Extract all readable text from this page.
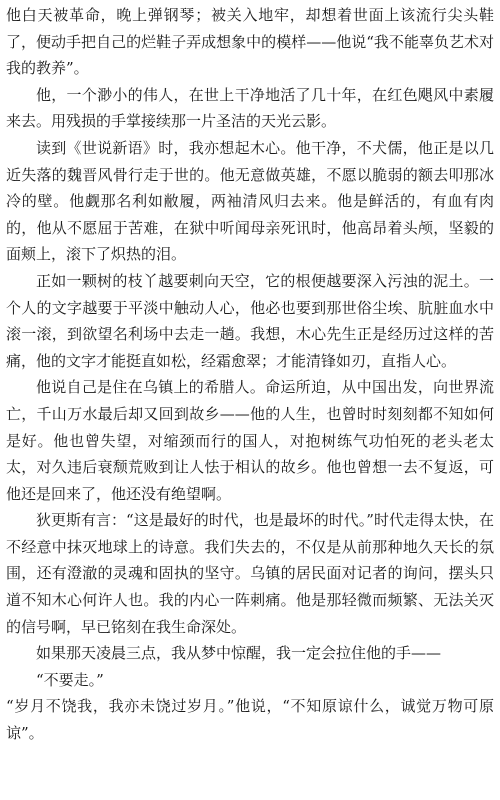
他白天被革命，晚上弹钢琴；被关入地牢，却想着世面上该流行尖头鞋了，便动手把自己的烂鞋子弄成想象中的模样——他说“我不能辜负艺术对我的教养”。

他，一个渺小的伟人，在世上干净地活了几十年，在红色飓风中素履来去。用残损的手掌接续那一片圣洁的天光云影。

读到《世说新语》时，我亦想起木心。他干净，不犬儒，他正是以几近失落的魏晋风骨行走于世的。他无意做英雄，不愿以脆弱的额去叩那冰冷的壁。他觑那名利如敝履，两袖清风归去来。他是鲜活的，有血有肉的，他从不愿屈于苦难，在狱中听闻母亲死讯时，他高昂着头颅，坚毅的面颊上，滚下了炽热的泪。

正如一颗树的枝丫越要刺向天空，它的根便越要深入污浊的泥土。一个人的文字越要于平淡中触动人心，他必也要到那世俗尘埃、肮脏血水中滚一滚，到欲望名利场中去走一趟。我想，木心先生正是经历过这样的苦痛，他的文字才能挺直如松，经霜愈翠；才能清锋如刃，直指人心。

他说自己是住在乌镇上的希腊人。命运所迫，从中国出发，向世界流亡，千山万水最后却又回到故乡——他的人生，也曾时时刻刻都不知如何是好。他也曾失望，对缩颈而行的国人，对抱树练气功怕死的老头老太太，对久违后衰颓荒败到让人怯于相认的故乡。他也曾想一去不复返，可他还是回来了，他还没有绝望啊。

狄更斯有言：“这是最好的时代，也是最坏的时代。”时代走得太快，在不经意中抹灭地球上的诗意。我们失去的，不仅是从前那种地久天长的氛围，还有澄澈的灵魂和固执的坚守。乌镇的居民面对记者的询问，摆头只道不知木心何许人也。我的内心一阵刺痛。他是那轻微而频繁、无法关灭的信号啊，早已铭刻在我生命深处。

如果那天凌晨三点，我从梦中惊醒，我一定会拉住他的手——

“不要走。”

“岁月不饶我，我亦未饶过岁月。”他说，“不知原谅什么，诚觉万物可原谅”。
